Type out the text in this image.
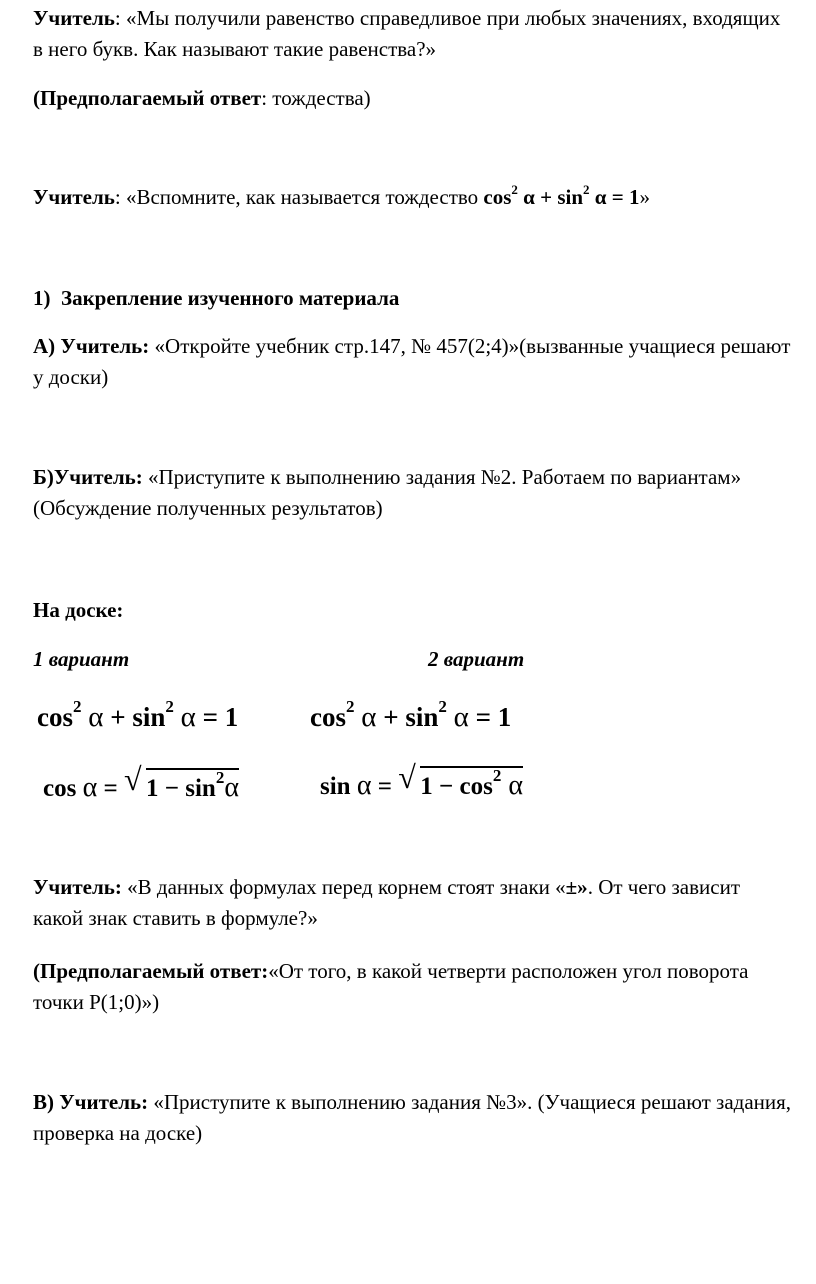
Учитель: «Мы получили равенство справедливое при любых значениях, входящих в него букв. Как называют такие равенства?»

(Предполагаемый ответ: тождества)

Учитель: «Вспомните, как называется тождество $\cos^2 \alpha + \sin^2 \alpha = 1$»

1) Закрепление изученного материала

А) Учитель: «Откройте учебник стр.147, № 457(2;4)»(вызванные учащиеся решают у доски)

Б)Учитель: «Приступите к выполнению задания №2. Работаем по вариантам» (Обсуждение полученных результатов)

На доске:

1 вариант	2 вариант

$\cos^2 \alpha + \sin^2 \alpha = 1$	$\cos^2 \alpha + \sin^2 \alpha = 1$
cos α = √ $1 - \sin^2\alpha$	sin α = √ $1 - \cos^2 \alpha$

Учитель: «В данных формулах перед корнем стоят знаки «±». От чего зависит какой знак ставить в формуле?»

(Предполагаемый ответ:«От того, в какой четверти расположен угол поворота точки Р(1;0)»)

В) Учитель: «Приступите к выполнению задания №3». (Учащиеся решают задания, проверка на доске)
